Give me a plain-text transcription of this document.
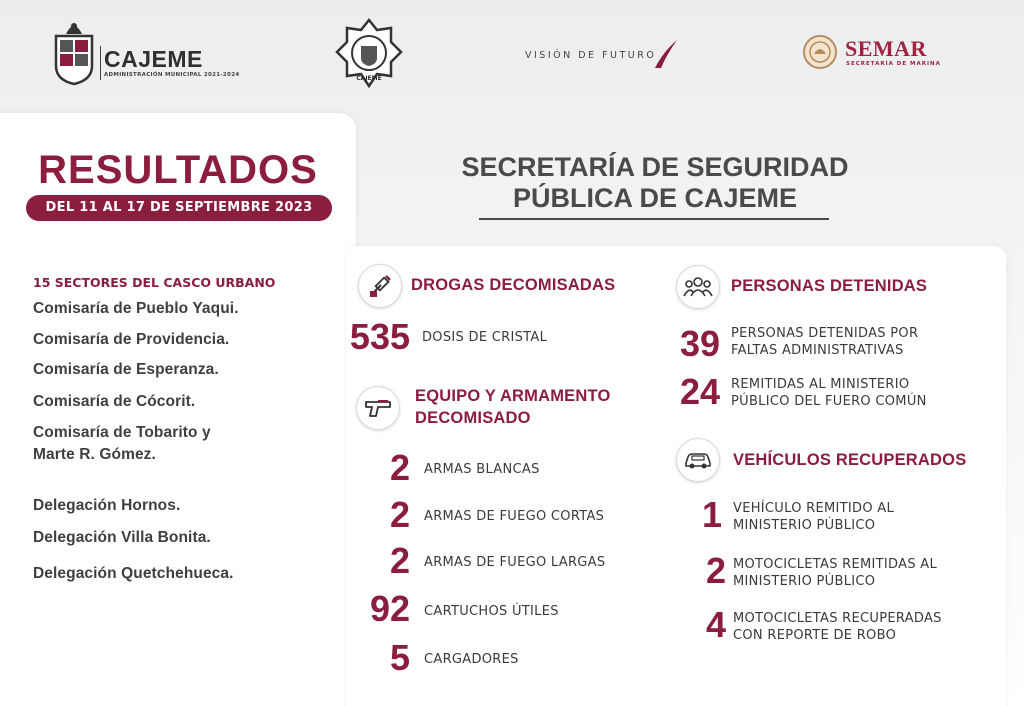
CAJEME
ADMINISTRACIÓN MUNICIPAL 2021-2024	CAJEME
VISIÓN DE FUTURO	SEMAR
SECRETARÍA DE MARINA
RESULTADOS
DEL 11 AL 17 DE SEPTIEMBRE 2023
SECRETARÍA DE SEGURIDAD
PÚBLICA DE CAJEME
15 SECTORES DEL CASCO URBANO
Comisaría de Pueblo Yaqui.
Comisaría de Providencia.
Comisaría de Esperanza.
Comisaría de Cócorit.
Comisaría de Tobarito y
Marte R. Gómez.
Delegación Hornos.
Delegación Villa Bonita.
Delegación Quetchehueca.
DROGAS DECOMISADAS
535 DOSIS DE CRISTAL
EQUIPO Y ARMAMENTO
DECOMISADO
2 ARMAS BLANCAS
2 ARMAS DE FUEGO CORTAS
2 ARMAS DE FUEGO LARGAS
92 CARTUCHOS ÚTILES
5 CARGADORES
PERSONAS DETENIDAS
39 PERSONAS DETENIDAS POR
FALTAS ADMINISTRATIVAS
24 REMITIDAS AL MINISTERIO
PÚBLICO DEL FUERO COMÚN
VEHÍCULOS RECUPERADOS
1 VEHÍCULO REMITIDO AL
MINISTERIO PÚBLICO
2 MOTOCICLETAS REMITIDAS AL
MINISTERIO PÚBLICO
4 MOTOCICLETAS RECUPERADAS
CON REPORTE DE ROBO
